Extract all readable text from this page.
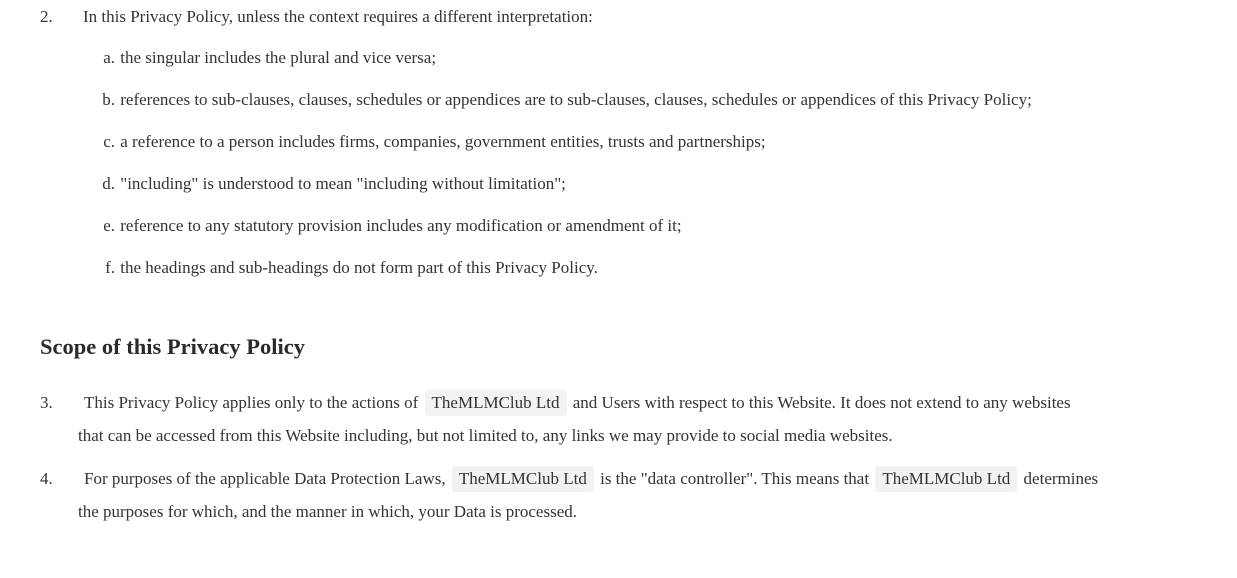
2. In this Privacy Policy, unless the context requires a different interpretation:
a. the singular includes the plural and vice versa;
b. references to sub-clauses, clauses, schedules or appendices are to sub-clauses, clauses, schedules or appendices of this Privacy Policy;
c. a reference to a person includes firms, companies, government entities, trusts and partnerships;
d. "including" is understood to mean "including without limitation";
e. reference to any statutory provision includes any modification or amendment of it;
f. the headings and sub-headings do not form part of this Privacy Policy.
Scope of this Privacy Policy
3. This Privacy Policy applies only to the actions of TheMLMClub Ltd and Users with respect to this Website. It does not extend to any websites
that can be accessed from this Website including, but not limited to, any links we may provide to social media websites.
4. For purposes of the applicable Data Protection Laws, TheMLMClub Ltd is the "data controller". This means that TheMLMClub Ltd determines
the purposes for which, and the manner in which, your Data is processed.
